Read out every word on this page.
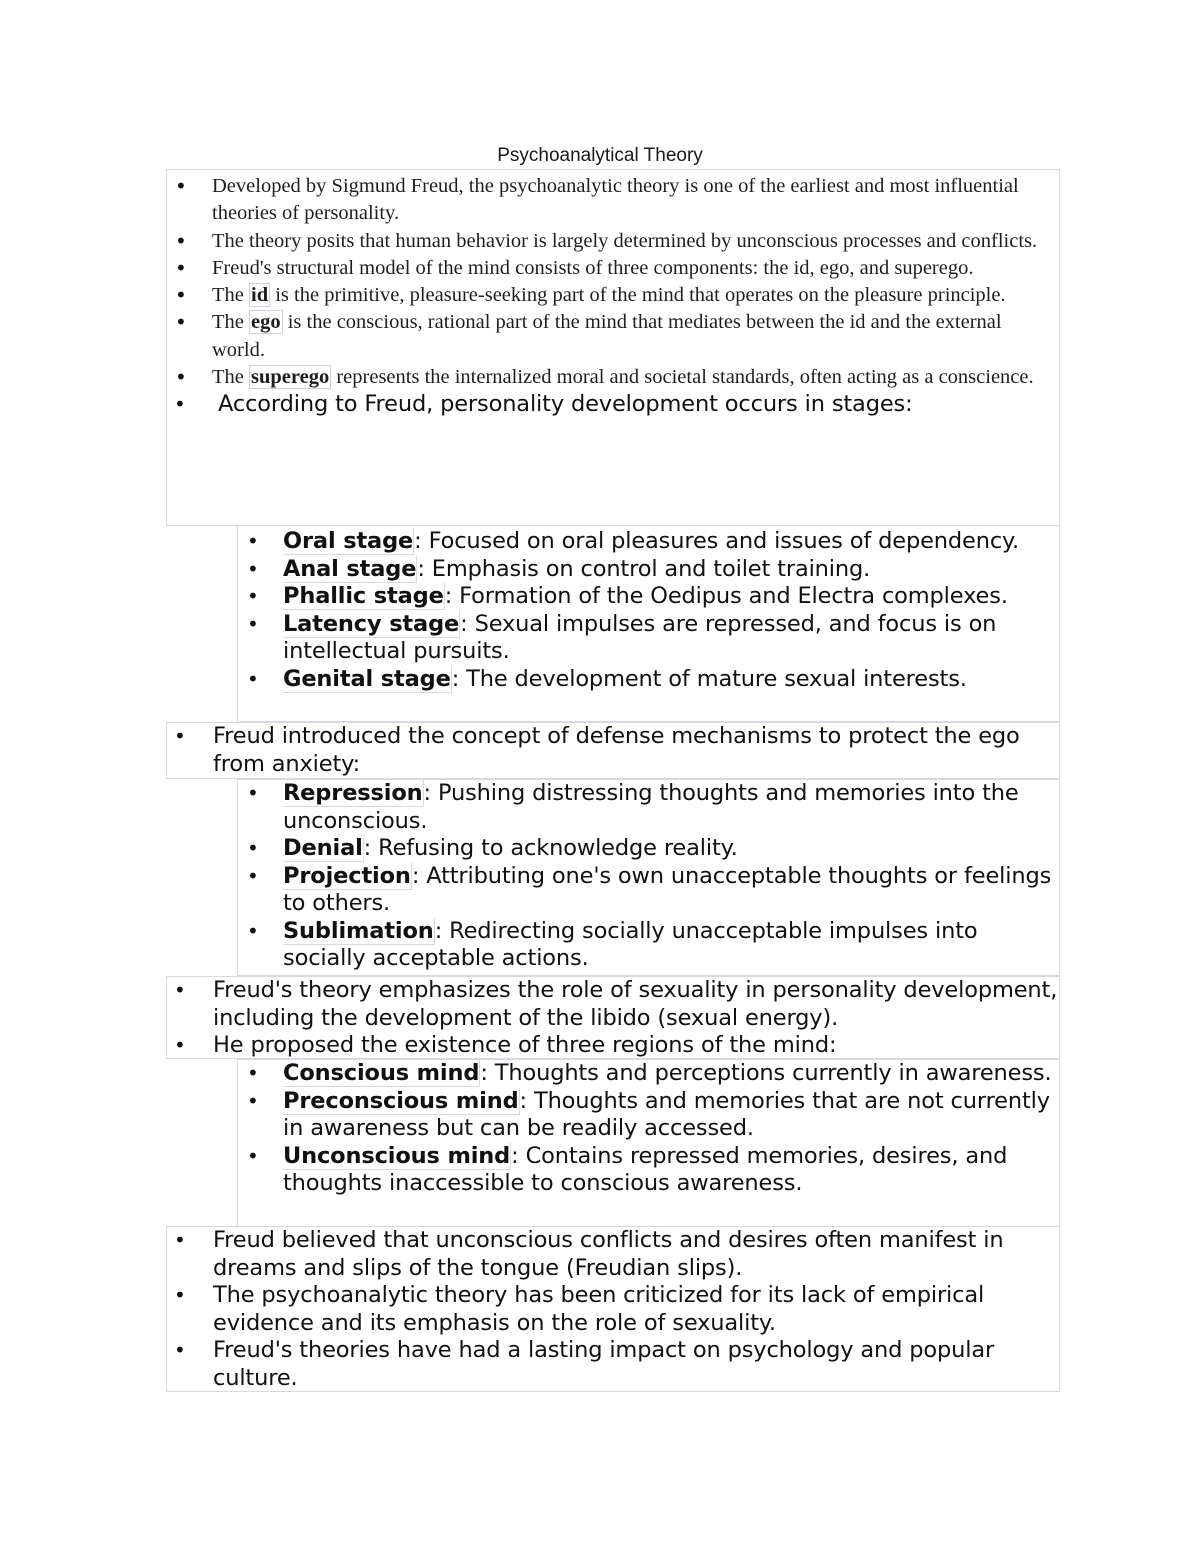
Psychoanalytical Theory
• Developed by Sigmund Freud, the psychoanalytic theory is one of the earliest and most influential theories of personality.
• The theory posits that human behavior is largely determined by unconscious processes and conflicts.
• Freud's structural model of the mind consists of three components: the id, ego, and superego.
• The id is the primitive, pleasure-seeking part of the mind that operates on the pleasure principle.
• The ego is the conscious, rational part of the mind that mediates between the id and the external world.
• The superego represents the internalized moral and societal standards, often acting as a conscience.
• According to Freud, personality development occurs in stages:
• Oral stage: Focused on oral pleasures and issues of dependency.
• Anal stage: Emphasis on control and toilet training.
• Phallic stage: Formation of the Oedipus and Electra complexes.
• Latency stage: Sexual impulses are repressed, and focus is on intellectual pursuits.
• Genital stage: The development of mature sexual interests.
• Freud introduced the concept of defense mechanisms to protect the ego from anxiety:
• Repression: Pushing distressing thoughts and memories into the unconscious.
• Denial: Refusing to acknowledge reality.
• Projection: Attributing one's own unacceptable thoughts or feelings to others.
• Sublimation: Redirecting socially unacceptable impulses into socially acceptable actions.
• Freud's theory emphasizes the role of sexuality in personality development, including the development of the libido (sexual energy).
• He proposed the existence of three regions of the mind:
• Conscious mind: Thoughts and perceptions currently in awareness.
• Preconscious mind: Thoughts and memories that are not currently in awareness but can be readily accessed.
• Unconscious mind: Contains repressed memories, desires, and thoughts inaccessible to conscious awareness.
• Freud believed that unconscious conflicts and desires often manifest in dreams and slips of the tongue (Freudian slips).
• The psychoanalytic theory has been criticized for its lack of empirical evidence and its emphasis on the role of sexuality.
• Freud's theories have had a lasting impact on psychology and popular culture.
